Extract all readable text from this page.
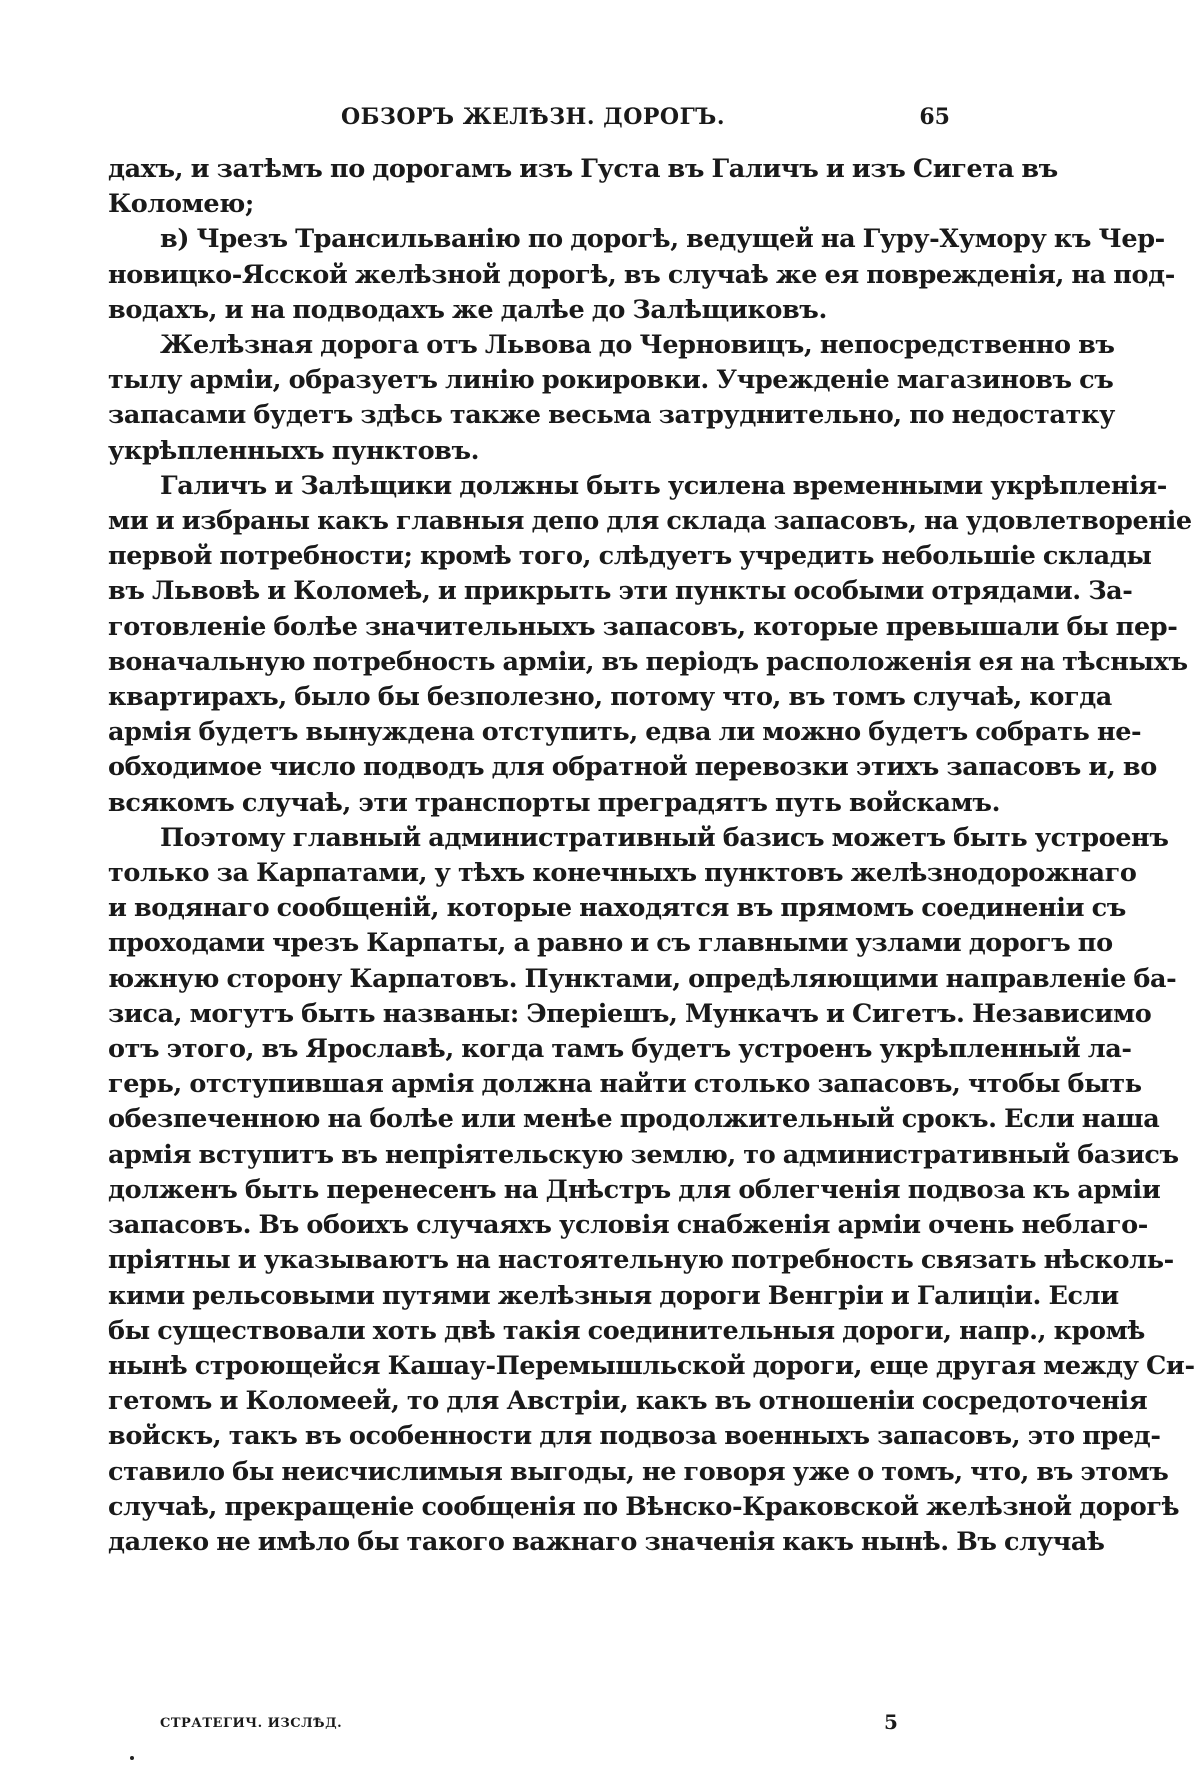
ОБЗОРЪ ЖЕЛѢЗН. ДОРОГЪ.	65

дахъ, и затѣмъ по дорогамъ изъ Густа въ Галичъ и изъ Сигета въ
Коломею;

в) Чрезъ Трансильванію по дорогѣ, ведущей на Гуру-Хумору къ Чер-
новицко-Ясской желѣзной дорогѣ, въ случаѣ же ея поврежденія, на под-
водахъ, и на подводахъ же далѣе до Залѣщиковъ.

Желѣзная дорога отъ Львова до Черновицъ, непосредственно въ
тылу арміи, образуетъ линію рокировки. Учрежденіе магазиновъ съ
запасами будетъ здѣсь также весьма затруднительно, по недостатку
укрѣпленныхъ пунктовъ.

Галичъ и Залѣщики должны быть усилена временными укрѣпленія-
ми и избраны какъ главныя депо для склада запасовъ, на удовлетвореніе
первой потребности; кромѣ того, слѣдуетъ учредить небольшіе склады
въ Львовѣ и Коломеѣ, и прикрыть эти пункты особыми отрядами. За-
готовленіе болѣе значительныхъ запасовъ, которые превышали бы пер-
воначальную потребность арміи, въ періодъ расположенія ея на тѣсныхъ
квартирахъ, было бы безполезно, потому что, въ томъ случаѣ, когда
армія будетъ вынуждена отступить, едва ли можно будетъ собрать не-
обходимое число подводъ для обратной перевозки этихъ запасовъ и, во
всякомъ случаѣ, эти транспорты преградятъ путь войскамъ.

Поэтому главный административный базисъ можетъ быть устроенъ
только за Карпатами, у тѣхъ конечныхъ пунктовъ желѣзнодорожнаго
и водянаго сообщеній, которые находятся въ прямомъ соединеніи съ
проходами чрезъ Карпаты, а равно и съ главными узлами дорогъ по
южную сторону Карпатовъ. Пунктами, опредѣляющими направленіе ба-
зиса, могутъ быть названы: Эперіешъ, Мункачъ и Сигетъ. Независимо
отъ этого, въ Ярославѣ, когда тамъ будетъ устроенъ укрѣпленный ла-
герь, отступившая армія должна найти столько запасовъ, чтобы быть
обезпеченною на болѣе или менѣе продолжительный срокъ. Если наша
армія вступитъ въ непріятельскую землю, то административный базисъ
долженъ быть перенесенъ на Днѣстръ для облегченія подвоза къ арміи
запасовъ. Въ обоихъ случаяхъ условія снабженія арміи очень неблаго-
пріятны и указываютъ на настоятельную потребность связать нѣсколь-
кими рельсовыми путями желѣзныя дороги Венгріи и Галиціи. Если
бы существовали хоть двѣ такія соединительныя дороги, напр., кромѣ
нынѣ строющейся Кашау-Перемышльской дороги, еще другая между Си-
гетомъ и Коломеей, то для Австріи, какъ въ отношеніи сосредоточенія
войскъ, такъ въ особенности для подвоза военныхъ запасовъ, это пред-
ставило бы неисчислимыя выгоды, не говоря уже о томъ, что, въ этомъ
случаѣ, прекращеніе сообщенія по Вѣнско-Краковской желѣзной дорогѣ
далеко не имѣло бы такого важнаго значенія какъ нынѣ. Въ случаѣ

СТРАТЕГИЧ. ИЗСЛѢД.	5
